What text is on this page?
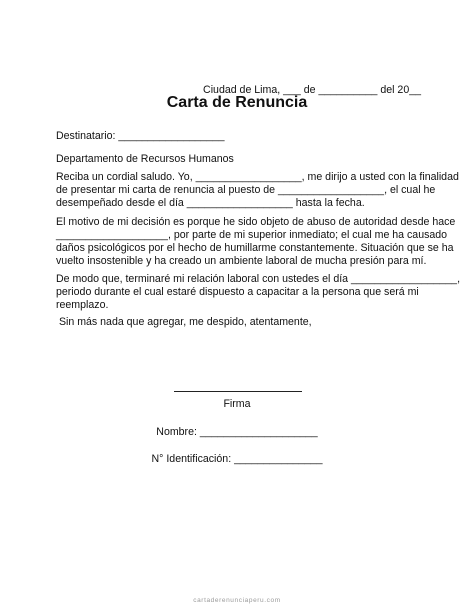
Ciudad de Lima, ___ de __________ del 20__
Carta de Renuncia
Destinatario: __________________
Departamento de Recursos Humanos
Reciba un cordial saludo. Yo, __________________, me dirijo a usted con la finalidad
de presentar mi carta de renuncia al puesto de __________________, el cual he
desempeñado desde el día __________________ hasta la fecha.
El motivo de mi decisión es porque he sido objeto de abuso de autoridad desde hace
___________________, por parte de mi superior inmediato; el cual me ha causado
daños psicológicos por el hecho de humillarme constantemente. Situación que se ha
vuelto insostenible y ha creado un ambiente laboral de mucha presión para mí.
De modo que, terminaré mi relación laboral con ustedes el día __________________,
periodo durante el cual estaré dispuesto a capacitar a la persona que será mi
reemplazo.
Sin más nada que agregar, me despido, atentamente,
Firma
Nombre: ____________________
N° Identificación: _______________
cartaderenunciaperu.com
